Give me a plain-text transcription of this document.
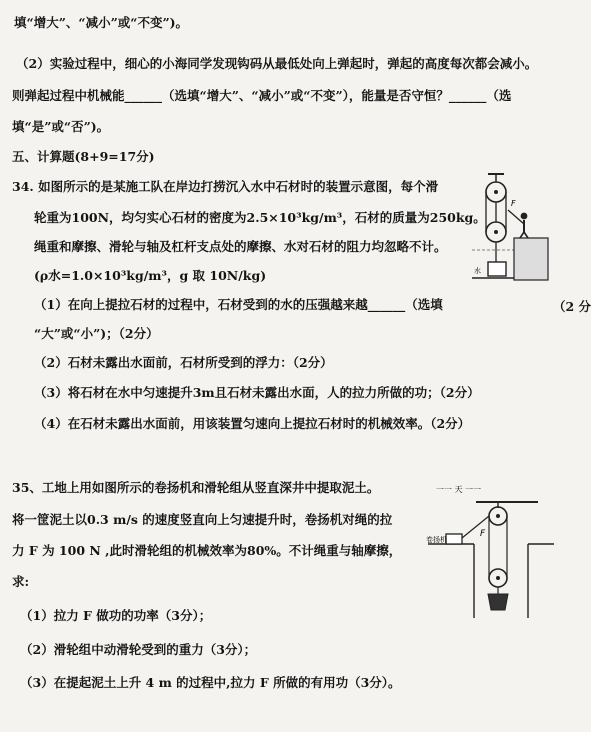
填“增大”、“减小”或“不变”)。
（2）实验过程中，细心的小海同学发现钩码从最低处向上弹起时，弹起的高度每次都会减小。
则弹起过程中机械能______（选填“增大”、“减小”或“不变”），能量是否守恒？______（选
填“是”或“否”)。
五、计算题(8+9=17分)
34. 如图所示的是某施工队在岸边打捞沉入水中石材时的装置示意图，每个滑
轮重为100N，均匀实心石材的密度为2.5×10³kg/m³，石材的质量为250kg。
绳重和摩擦、滑轮与轴及杠杆支点处的摩擦、水对石材的阻力均忽略不计。
(ρ水=1.0×10³kg/m³，g 取 10N/kg)
（1）在向上提拉石材的过程中，石材受到的水的压强越来越______（选填	（2 分
“大”或“小”)；（2分）
（2）石材未露出水面前，石材所受到的浮力：（2分）
（3）将石材在水中匀速提升3m且石材未露出水面，人的拉力所做的功；（2分）
（4）在石材未露出水面前，用该装置匀速向上提拉石材时的机械效率。（2分）
35、工地上用如图所示的卷扬机和滑轮组从竖直深井中提取泥土。
将一筐泥土以0.3 m/s 的速度竖直向上匀速提升时，卷扬机对绳的拉
力 F 为 100 N ,此时滑轮组的机械效率为80%。不计绳重与轴摩擦，
求:
（1）拉力 F 做功的功率（3分）；
（2）滑轮组中动滑轮受到的重力（3分）；
（3）在提起泥土上升 4 m 的过程中,拉力 F 所做的有用功（3分）。
F
水
一一 天 一一
卷扬机
F
